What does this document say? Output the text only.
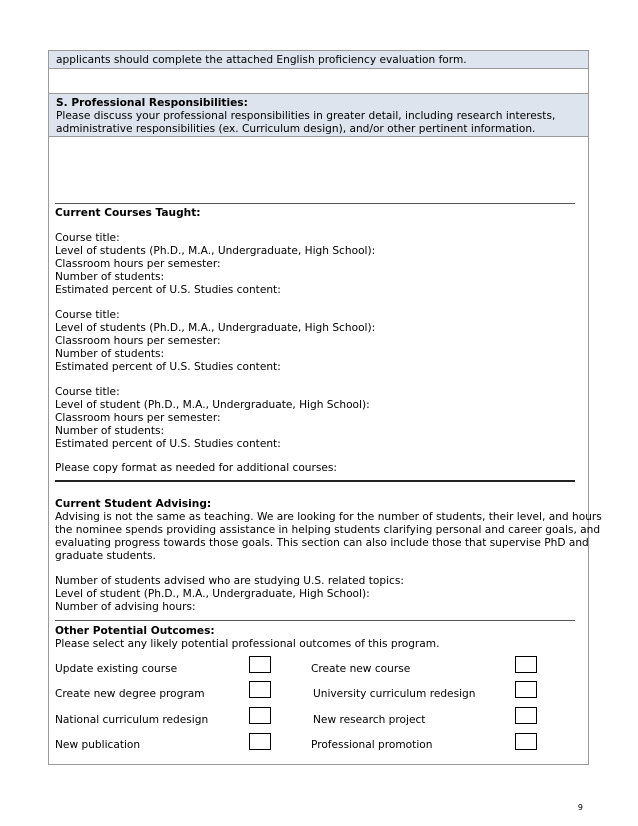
applicants should complete the attached English proficiency evaluation form.
S. Professional Responsibilities:
Please discuss your professional responsibilities in greater detail, including research interests,
administrative responsibilities (ex. Curriculum design), and/or other pertinent information.
Current Courses Taught:
Course title:
Level of students (Ph.D., M.A., Undergraduate, High School):
Classroom hours per semester:
Number of students:
Estimated percent of U.S. Studies content:
Course title:
Level of students (Ph.D., M.A., Undergraduate, High School):
Classroom hours per semester:
Number of students:
Estimated percent of U.S. Studies content:
Course title:
Level of student (Ph.D., M.A., Undergraduate, High School):
Classroom hours per semester:
Number of students:
Estimated percent of U.S. Studies content:
Please copy format as needed for additional courses:
Current Student Advising:
Advising is not the same as teaching. We are looking for the number of students, their level, and hours
the nominee spends providing assistance in helping students clarifying personal and career goals, and
evaluating progress towards those goals. This section can also include those that supervise PhD and
graduate students.
Number of students advised who are studying U.S. related topics:
Level of student (Ph.D., M.A., Undergraduate, High School):
Number of advising hours:
Other Potential Outcomes:
Please select any likely potential professional outcomes of this program.
Update existing course	Create new course
Create new degree program	University curriculum redesign
National curriculum redesign	New research project
New publication	Professional promotion
9
